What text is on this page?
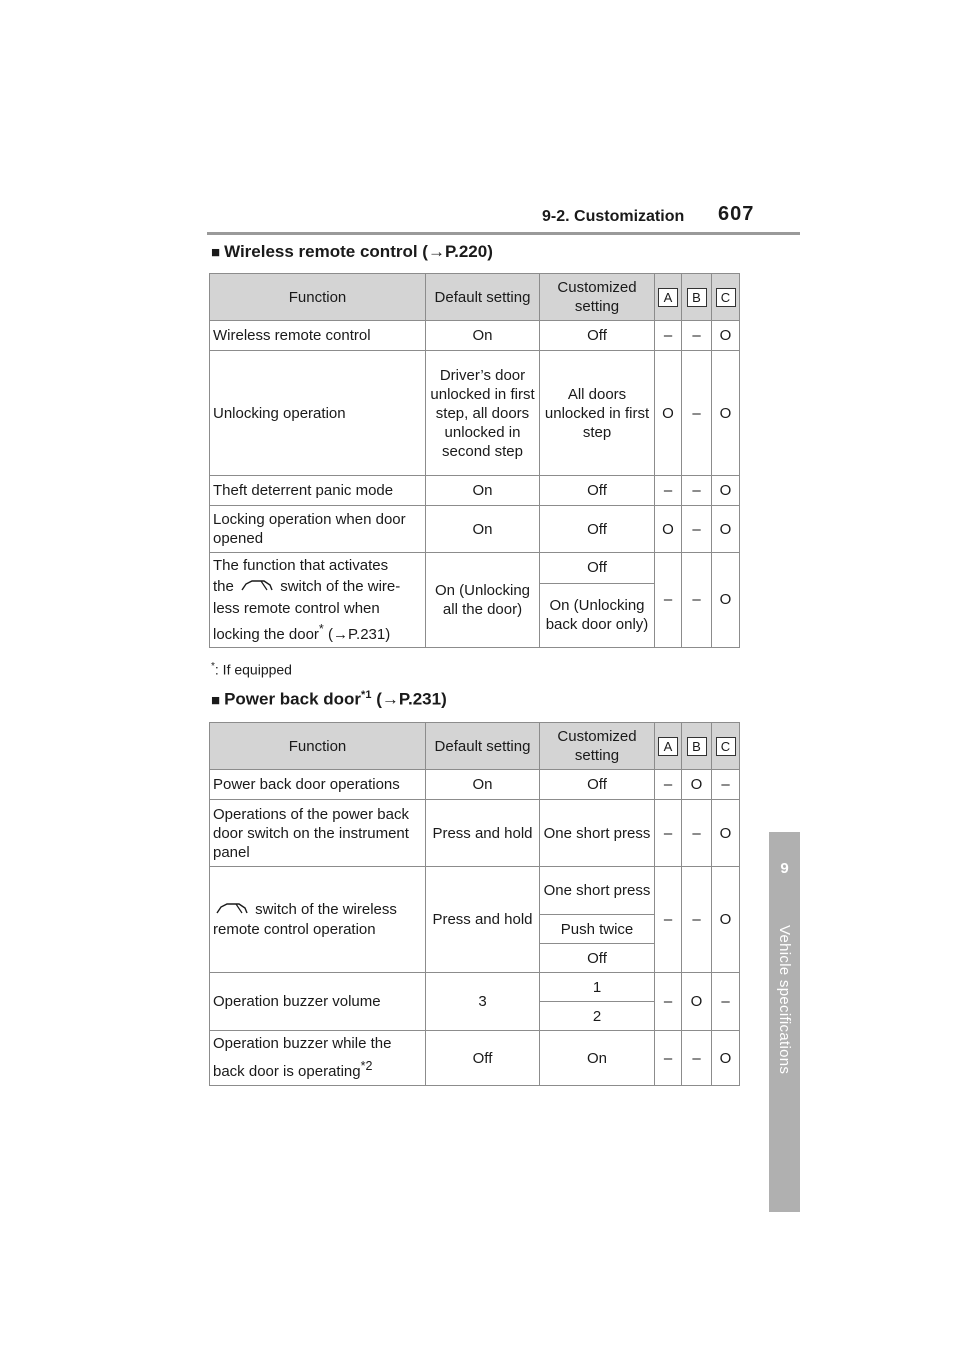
9-2. Customization 607
9
Vehicle specifications
■ Wireless remote control (→P.220)
Function	Default setting	Customized setting	A	B	C
Wireless remote control	On	Off	–	–	O
Unlocking operation	Driver’s door unlocked in first step, all doors unlocked in second step	All doors unlocked in first step	O	–	O
Theft deterrent panic mode	On	Off	–	–	O
Locking operation when door opened	On	Off	O	–	O

The function that activates
the switch of the wire-
less remote control when
locking the door* (→P.231)	On (Unlocking all the door)	Off	–	–	O
		On (Unlocking back door only)			
*: If equipped
■ Power back door$^{*1}$ (→P.231)
Function	Default setting	Customized setting	A	B	C
Power back door operations	On	Off	–	O	–
Operations of the power back door switch on the instrument panel	Press and hold	One short press	–	–	O
switch of the wireless remote control operation	Press and hold	One short press	–	–	O
		Push twice			
		Off			
Operation buzzer volume	3	1	–	O	–
		2			
Operation buzzer while the back door is operating$^{*2}$	Off	On	–	–	O
